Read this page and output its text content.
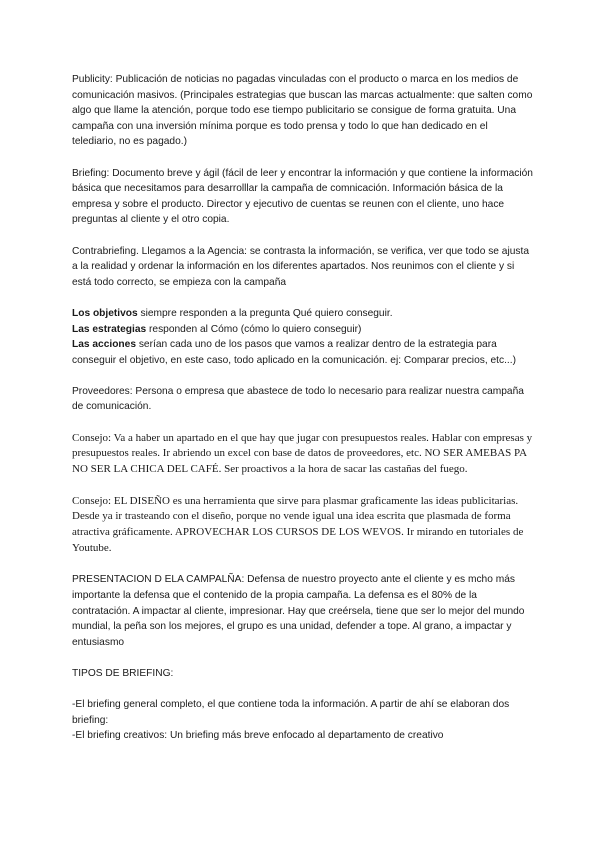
Publicity: Publicación de noticias no pagadas vinculadas con el producto o marca en los medios de comunicación masivos. (Principales estrategias que buscan las marcas actualmente: que salten como algo que llame la atención, porque todo ese tiempo publicitario se consigue de forma gratuita. Una campaña con una inversión mínima porque es todo prensa y todo lo que han dedicado en el telediario, no es pagado.)

Briefing: Documento breve y ágil (fácil de leer y encontrar la información y que contiene la información básica que necesitamos para desarrolllar la campaña de comnicación. Información básica de la empresa y sobre el producto. Director y ejecutivo de cuentas se reunen con el cliente, uno hace preguntas al cliente y el otro copia.

Contrabriefing. Llegamos a la Agencia: se contrasta la información, se verifica, ver que todo se ajusta a la realidad y ordenar la información en los diferentes apartados. Nos reunimos con el cliente y si está todo correcto, se empieza con la campaña

Los objetivos siempre responden a la pregunta Qué quiero conseguir.

Las estrategias responden al Cómo (cómo lo quiero conseguir)

Las acciones serían cada uno de los pasos que vamos a realizar dentro de la estrategia para conseguir el objetivo, en este caso, todo aplicado en la comunicación. ej: Comparar precios, etc...)

Proveedores: Persona o empresa que abastece de todo lo necesario para realizar nuestra campaña de comunicación.

Consejo: Va a haber un apartado en el que hay que jugar con presupuestos reales. Hablar con empresas y presupuestos reales. Ir abriendo un excel con base de datos de proveedores, etc. NO SER AMEBAS PA NO SER LA CHICA DEL CAFÉ. Ser proactivos a la hora de sacar las castañas del fuego.

Consejo: EL DISEÑO es una herramienta que sirve para plasmar graficamente las ideas publicitarias. Desde ya ir trasteando con el diseño, porque no vende igual una idea escrita que plasmada de forma atractiva gráficamente. APROVECHAR LOS CURSOS DE LOS WEVOS. Ir mirando en tutoriales de Youtube.

PRESENTACION D ELA CAMPALÑA: Defensa de nuestro proyecto ante el cliente y es mcho más importante la defensa que el contenido de la propia campaña. La defensa es el 80% de la contratación. A impactar al cliente, impresionar. Hay que creérsela, tiene que ser lo mejor del mundo mundial, la peña son los mejores, el grupo es una unidad, defender a tope. Al grano, a impactar y entusiasmo

TIPOS DE BRIEFING:

-El briefing general completo, el que contiene toda la información. A partir de ahí se elaboran dos briefing:

-El briefing creativos: Un briefing más breve enfocado al departamento de creativo
